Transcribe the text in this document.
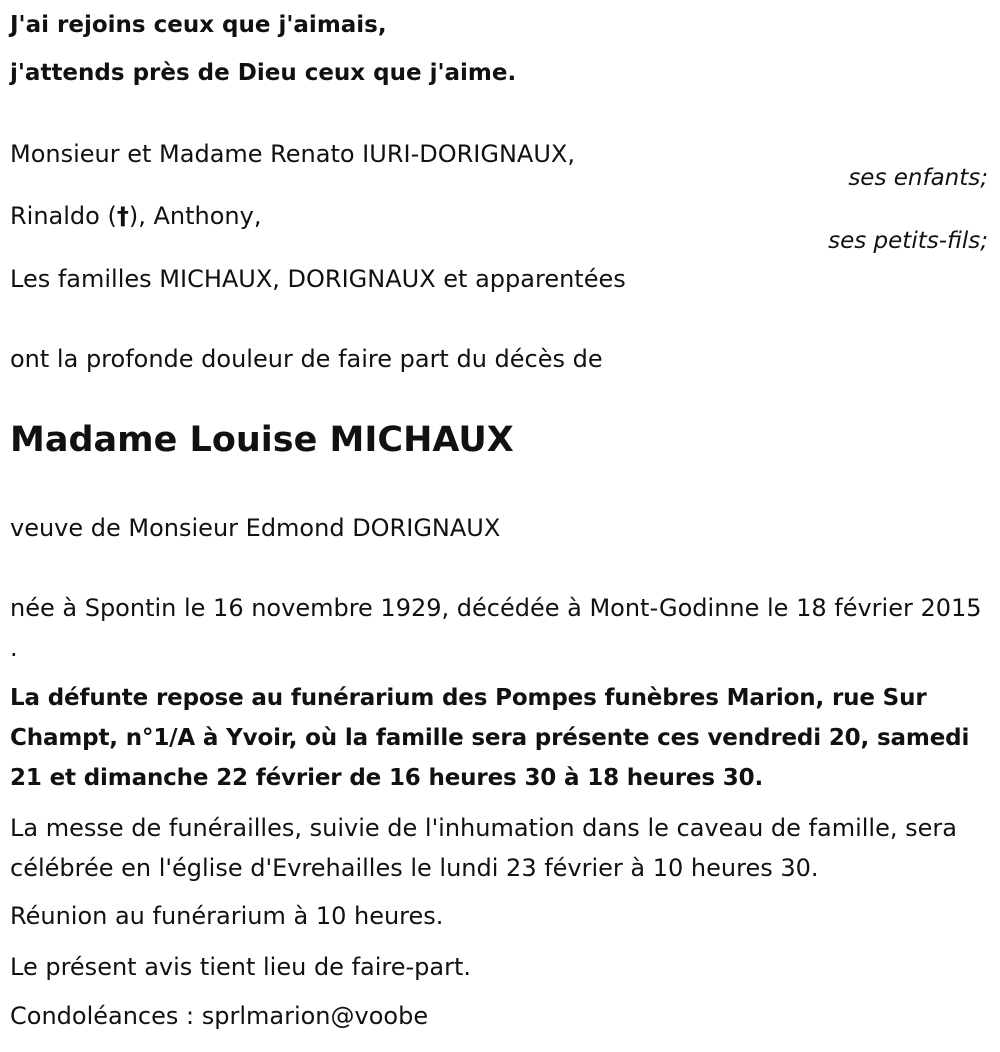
J'ai rejoins ceux que j'aimais,

j'attends près de Dieu ceux que j'aime.

Monsieur et Madame Renato IURI-DORIGNAUX,

ses enfants;

Rinaldo (†), Anthony,

ses petits-fils;

Les familles MICHAUX, DORIGNAUX et apparentées

ont la profonde douleur de faire part du décès de

Madame Louise MICHAUX

veuve de Monsieur Edmond DORIGNAUX

née à Spontin le 16 novembre 1929, décédée à Mont-Godinne le 18 février 2015 .

La défunte repose au funérarium des Pompes funèbres Marion, rue Sur Champt, n°1/A à Yvoir, où la famille sera présente ces vendredi 20, samedi 21 et dimanche 22 février de 16 heures 30 à 18 heures 30.

La messe de funérailles, suivie de l'inhumation dans le caveau de famille, sera célébrée en l'église d'Evrehailles le lundi 23 février à 10 heures 30.

Réunion au funérarium à 10 heures.

Le présent avis tient lieu de faire-part.

Condoléances : sprlmarion@voobe
